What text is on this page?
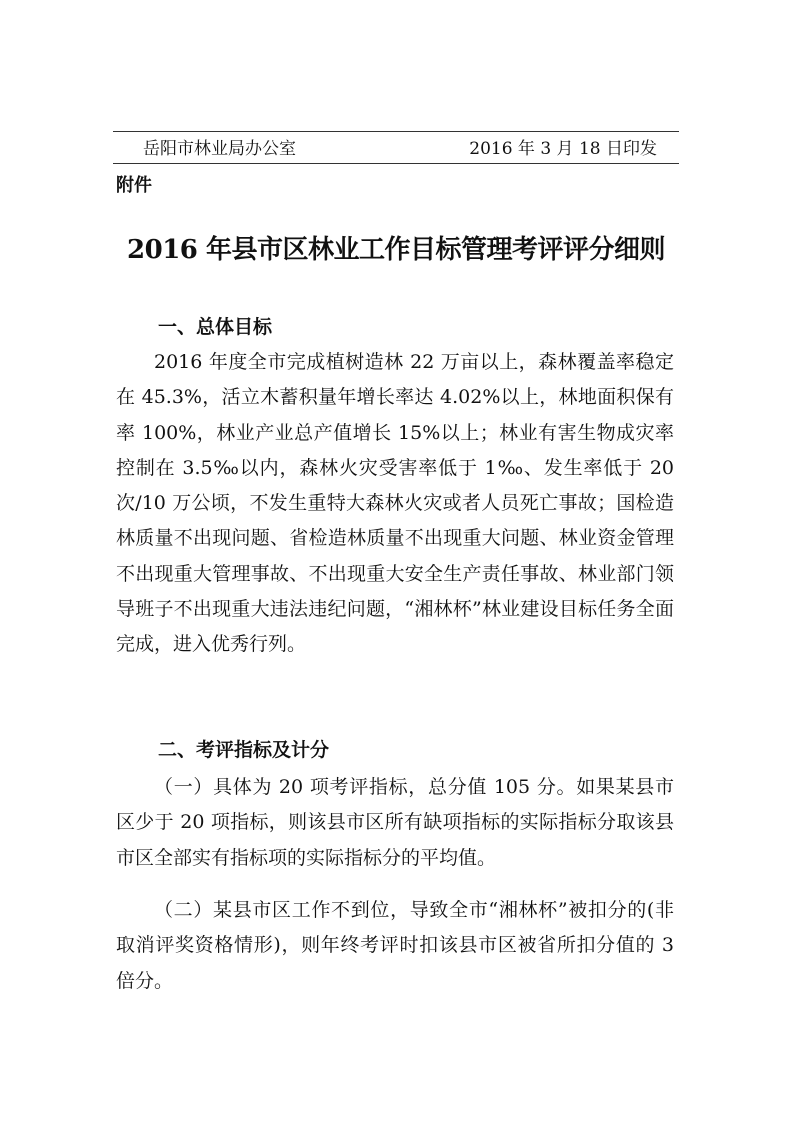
岳阳市林业局办公室	2016 年 3 月 18 日印发
附件
2016 年县市区林业工作目标管理考评评分细则
一、总体目标

2016 年度全市完成植树造林 22 万亩以上，森林覆盖率稳定在 45.3%，活立木蓄积量年增长率达 4.02%以上，林地面积保有率 100%，林业产业总产值增长 15%以上；林业有害生物成灾率控制在 3.5‰以内，森林火灾受害率低于 1‰、发生率低于 20 次/10 万公顷，不发生重特大森林火灾或者人员死亡事故；国检造林质量不出现问题、省检造林质量不出现重大问题、林业资金管理不出现重大管理事故、不出现重大安全生产责任事故、林业部门领导班子不出现重大违法违纪问题，“湘林杯”林业建设目标任务全面完成，进入优秀行列。

二、考评指标及计分

（一）具体为 20 项考评指标，总分值 105 分。如果某县市区少于 20 项指标，则该县市区所有缺项指标的实际指标分取该县市区全部实有指标项的实际指标分的平均值。

（二）某县市区工作不到位，导致全市“湘林杯”被扣分的(非取消评奖资格情形)，则年终考评时扣该县市区被省所扣分值的 3 倍分。
